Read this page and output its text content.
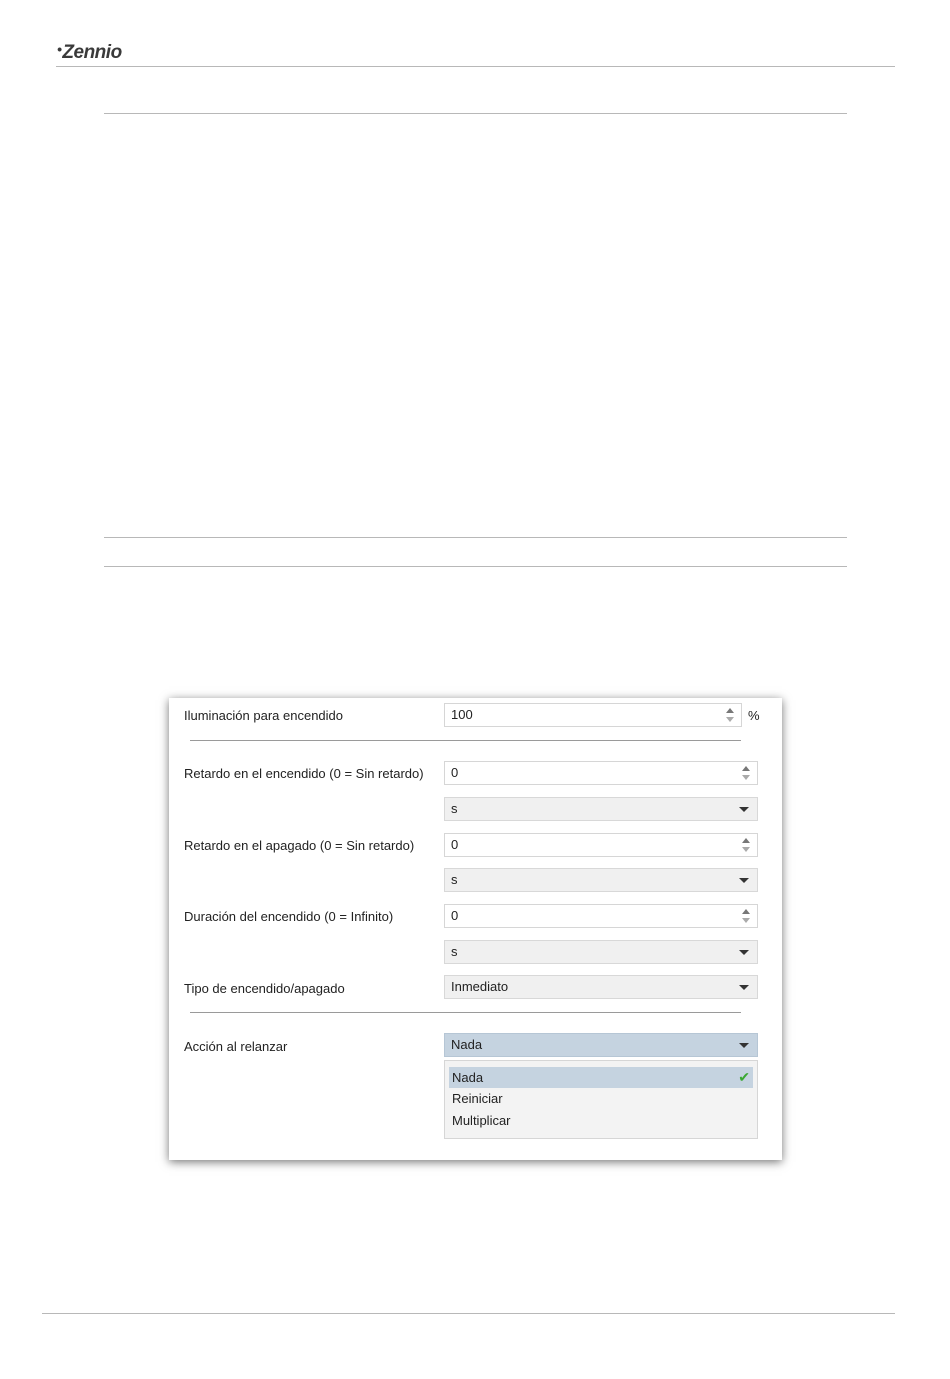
•Zennio
Iluminación para encendido	100	%
Retardo en el encendido (0 = Sin retardo)	0
s
Retardo en el apagado (0 = Sin retardo)	0
s
Duración del encendido (0 = Infinito)	0
s
Tipo de encendido/apagado	Inmediato
Acción al relanzar	Nada
Nada	✔
Reiniciar
Multiplicar
